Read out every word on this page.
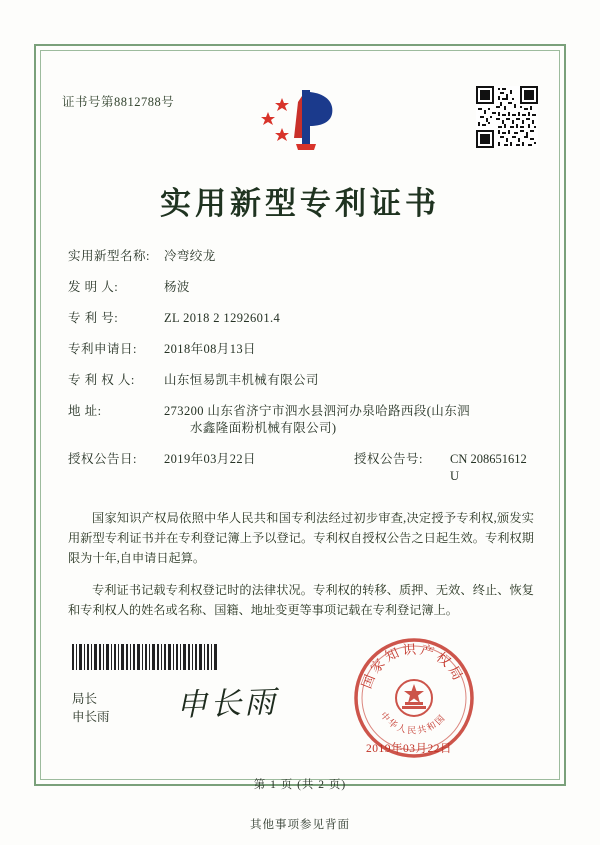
证书号第8812788号
实用新型专利证书
实用新型名称:	冷弯绞龙
发 明 人:	杨波
专 利 号:	ZL 2018 2 1292601.4
专利申请日:	2018年08月13日
专 利 权 人:	山东恒易凯丰机械有限公司
地 址:	273200 山东省济宁市泗水县泗河办泉哈路西段(山东泗
水鑫隆面粉机械有限公司)
授权公告日:	2019年03月22日	授权公告号:	CN 208651612 U

国家知识产权局依照中华人民共和国专利法经过初步审查,决定授予专利权,颁发实用新型专利证书并在专利登记簿上予以登记。专利权自授权公告之日起生效。专利权期限为十年,自申请日起算。

专利证书记载专利权登记时的法律状况。专利权的转移、质押、无效、终止、恢复和专利权人的姓名或名称、国籍、地址变更等事项记载在专利登记簿上。

局长
申长雨 申长雨
国家知识产权局
中华人民共和国
2019年03月22日
第 1 页 (共 2 页)
其他事项参见背面
